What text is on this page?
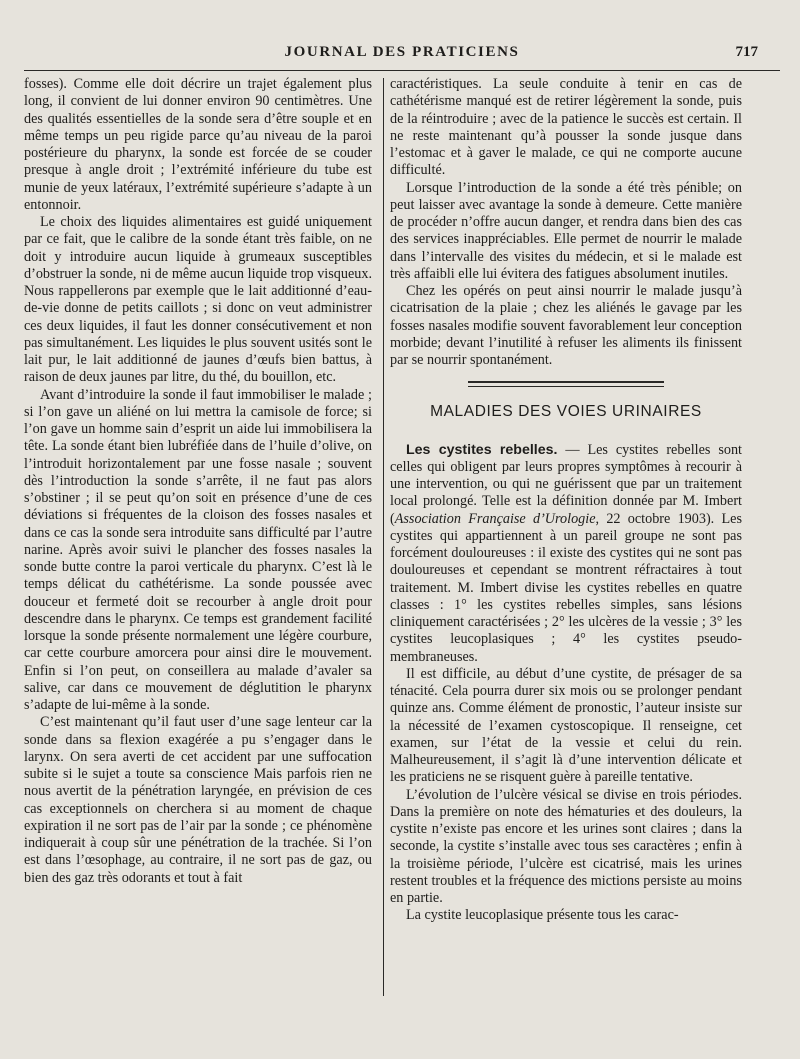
JOURNAL DES PRATICIENS	717

fosses). Comme elle doit décrire un trajet également plus long, il convient de lui donner environ 90 centimètres. Une des qualités essentielles de la sonde sera d’être souple et en même temps un peu rigide parce qu’au niveau de la paroi postérieure du pharynx, la sonde est forcée de se couder presque à angle droit ; l’extrémité inférieure du tube est munie de yeux latéraux, l’extrémité supérieure s’adapte à un entonnoir.

Le choix des liquides alimentaires est guidé uniquement par ce fait, que le calibre de la sonde étant très faible, on ne doit y introduire aucun liquide à grumeaux susceptibles d’obstruer la sonde, ni de même aucun liquide trop visqueux. Nous rappellerons par exemple que le lait additionné d’eau-de-vie donne de petits caillots ; si donc on veut administrer ces deux liquides, il faut les donner consécutivement et non pas simultanément. Les liquides le plus souvent usités sont le lait pur, le lait additionné de jaunes d’œufs bien battus, à raison de deux jaunes par litre, du thé, du bouillon, etc.

Avant d’introduire la sonde il faut immobiliser le malade ; si l’on gave un aliéné on lui mettra la camisole de force; si l’on gave un homme sain d’esprit un aide lui immobilisera la tête. La sonde étant bien lubréfiée dans de l’huile d’olive, on l’introduit horizontalement par une fosse nasale ; souvent dès l’introduction la sonde s’arrête, il ne faut pas alors s’obstiner ; il se peut qu’on soit en présence d’une de ces déviations si fréquentes de la cloison des fosses nasales et dans ce cas la sonde sera introduite sans difficulté par l’autre narine. Après avoir suivi le plancher des fosses nasales la sonde butte contre la paroi verticale du pharynx. C’est là le temps délicat du cathétérisme. La sonde poussée avec douceur et fermeté doit se recourber à angle droit pour descendre dans le pharynx. Ce temps est grandement facilité lorsque la sonde présente normalement une légère courbure, car cette courbure amorcera pour ainsi dire le mouvement. Enfin si l’on peut, on conseillera au malade d’avaler sa salive, car dans ce mouvement de déglutition le pharynx s’adapte de lui-même à la sonde.

C’est maintenant qu’il faut user d’une sage lenteur car la sonde dans sa flexion exagérée a pu s’engager dans le larynx. On sera averti de cet accident par une suffocation subite si le sujet a toute sa conscience Mais parfois rien ne nous avertit de la pénétration laryngée, en prévision de ces cas exceptionnels on cherchera si au moment de chaque expiration il ne sort pas de l’air par la sonde ; ce phénomène indiquerait à coup sûr une pénétration de la trachée. Si l’on est dans l’œsophage, au contraire, il ne sort pas de gaz, ou bien des gaz très odorants et tout à fait

caractéristiques. La seule conduite à tenir en cas de cathétérisme manqué est de retirer légèrement la sonde, puis de la réintroduire ; avec de la patience le succès est certain. Il ne reste maintenant qu’à pousser la sonde jusque dans l’estomac et à gaver le malade, ce qui ne comporte aucune difficulté.

Lorsque l’introduction de la sonde a été très pénible; on peut laisser avec avantage la sonde à demeure. Cette manière de procéder n’offre aucun danger, et rendra dans bien des cas des services inappréciables. Elle permet de nourrir le malade dans l’intervalle des visites du médecin, et si le malade est très affaibli elle lui évitera des fatigues absolument inutiles.

Chez les opérés on peut ainsi nourrir le malade jusqu’à cicatrisation de la plaie ; chez les aliénés le gavage par les fosses nasales modifie souvent favorablement leur conception morbide; devant l’inutilité à refuser les aliments ils finissent par se nourrir spontanément.

MALADIES DES VOIES URINAIRES

Les cystites rebelles. — Les cystites rebelles sont celles qui obligent par leurs propres symptômes à recourir à une intervention, ou qui ne guérissent que par un traitement local prolongé. Telle est la définition donnée par M. Imbert (Association Française d’Urologie, 22 octobre 1903). Les cystites qui appartiennent à un pareil groupe ne sont pas forcément douloureuses : il existe des cystites qui ne sont pas douloureuses et cependant se montrent réfractaires à tout traitement. M. Imbert divise les cystites rebelles en quatre classes : 1° les cystites rebelles simples, sans lésions cliniquement caractérisées ; 2° les ulcères de la vessie ; 3° les cystites leucoplasiques ; 4° les cystites pseudo-membraneuses.

Il est difficile, au début d’une cystite, de présager de sa ténacité. Cela pourra durer six mois ou se prolonger pendant quinze ans. Comme élément de pronostic, l’auteur insiste sur la nécessité de l’examen cystoscopique. Il renseigne, cet examen, sur l’état de la vessie et celui du rein. Malheureusement, il s’agit là d’une intervention délicate et les praticiens ne se risquent guère à pareille tentative.

L’évolution de l’ulcère vésical se divise en trois périodes. Dans la première on note des hématuries et des douleurs, la cystite n’existe pas encore et les urines sont claires ; dans la seconde, la cystite s’installe avec tous ses caractères ; enfin à la troisième période, l’ulcère est cicatrisé, mais les urines restent troubles et la fréquence des mictions persiste au moins en partie.

La cystite leucoplasique présente tous les carac-
